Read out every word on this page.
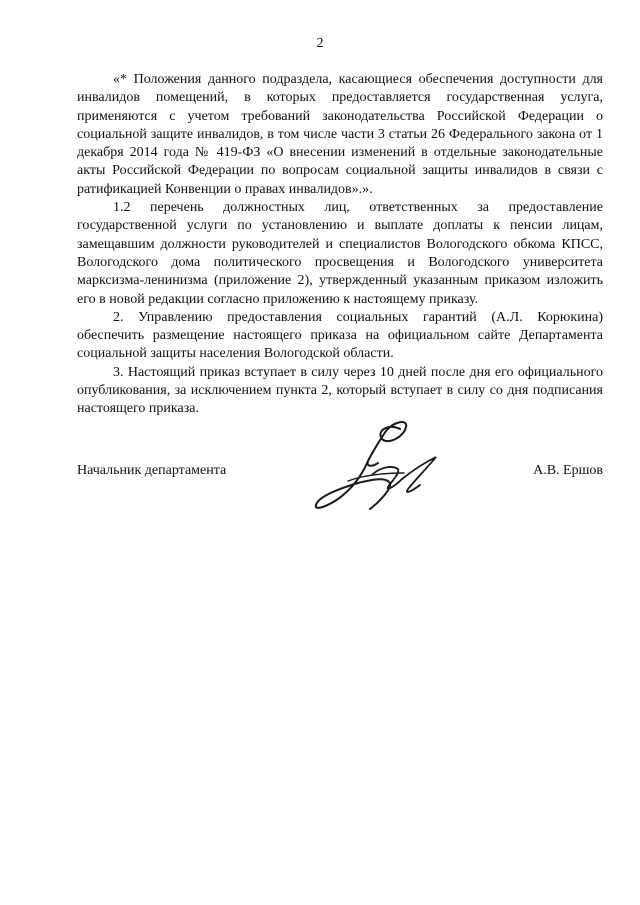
2

«* Положения данного подраздела, касающиеся обеспечения доступности для инвалидов помещений, в которых предоставляется государственная услуга, применяются с учетом требований законодательства Российской Федерации о социальной защите инвалидов, в том числе части 3 статьи 26 Федерального закона от 1 декабря 2014 года № 419-ФЗ «О внесении изменений в отдельные законодательные акты Российской Федерации по вопросам социальной защиты инвалидов в связи с ратификацией Конвенции о правах инвалидов».».

1.2 перечень должностных лиц, ответственных за предоставление государственной услуги по установлению и выплате доплаты к пенсии лицам, замещавшим должности руководителей и специалистов Вологодского обкома КПСС, Вологодского дома политического просвещения и Вологодского университета марксизма-ленинизма (приложение 2), утвержденный указанным приказом изложить его в новой редакции согласно приложению к настоящему приказу.

2. Управлению предоставления социальных гарантий (А.Л. Корюкина) обеспечить размещение настоящего приказа на официальном сайте Департамента социальной защиты населения Вологодской области.

3. Настоящий приказ вступает в силу через 10 дней после дня его официального опубликования, за исключением пункта 2, который вступает в силу со дня подписания настоящего приказа.

Начальник департамента	А.В. Ершов
